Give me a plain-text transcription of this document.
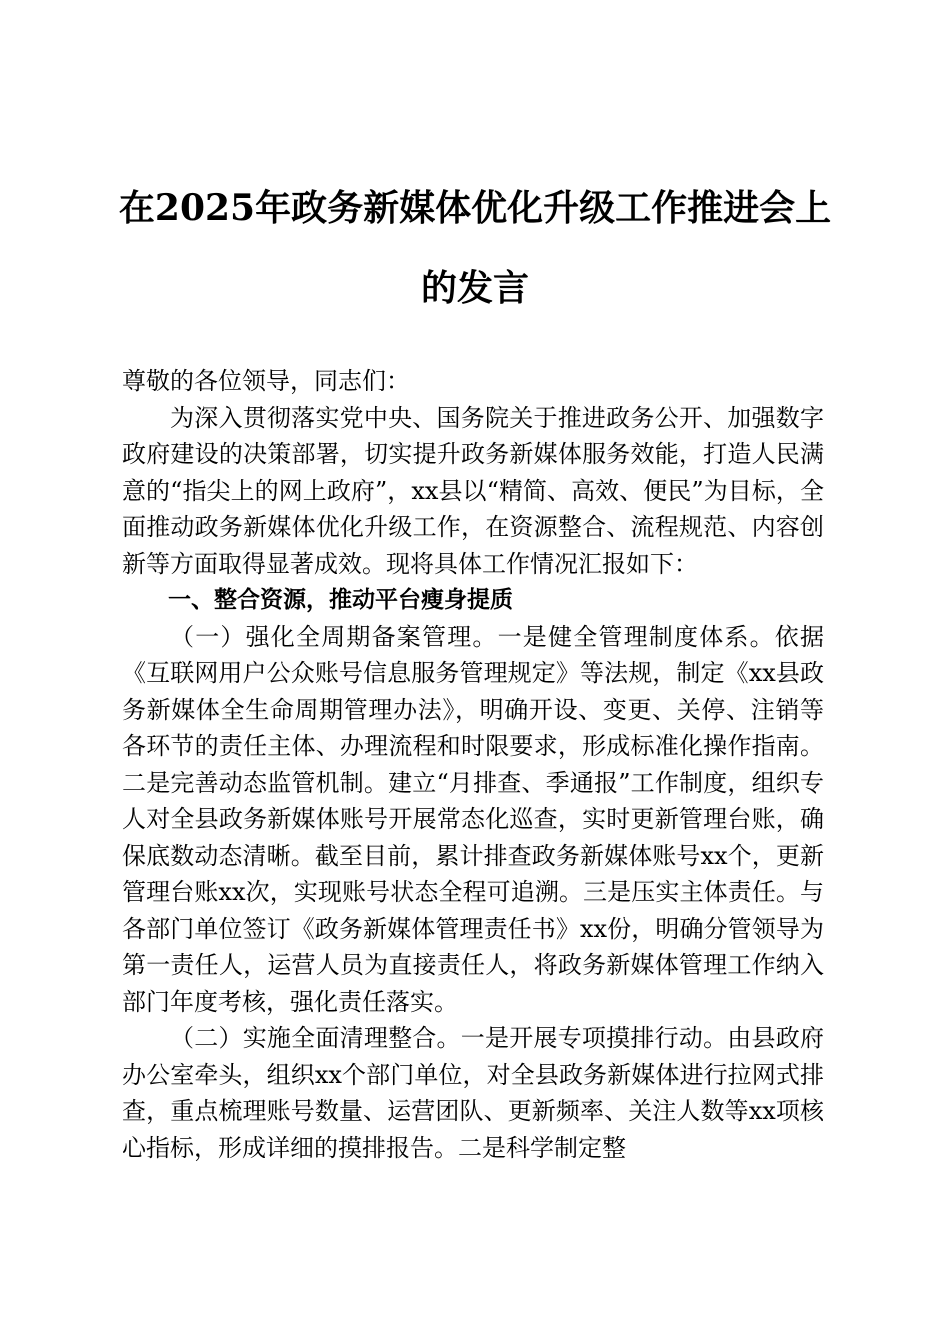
在2025年政务新媒体优化升级工作推进会上的发言

尊敬的各位领导，同志们：

为深入贯彻落实党中央、国务院关于推进政务公开、加强数字政府建设的决策部署，切实提升政务新媒体服务效能，打造人民满意的“指尖上的网上政府”，xx县以“精简、高效、便民”为目标，全面推动政务新媒体优化升级工作，在资源整合、流程规范、内容创新等方面取得显著成效。现将具体工作情况汇报如下：

一、整合资源，推动平台瘦身提质

（一）强化全周期备案管理。一是健全管理制度体系。依据《互联网用户公众账号信息服务管理规定》等法规，制定《xx县政务新媒体全生命周期管理办法》，明确开设、变更、关停、注销等各环节的责任主体、办理流程和时限要求，形成标准化操作指南。二是完善动态监管机制。建立“月排查、季通报”工作制度，组织专人对全县政务新媒体账号开展常态化巡查，实时更新管理台账，确保底数动态清晰。截至目前，累计排查政务新媒体账号xx个，更新管理台账xx次，实现账号状态全程可追溯。三是压实主体责任。与各部门单位签订《政务新媒体管理责任书》xx份，明确分管领导为第一责任人，运营人员为直接责任人，将政务新媒体管理工作纳入部门年度考核，强化责任落实。

（二）实施全面清理整合。一是开展专项摸排行动。由县政府办公室牵头，组织xx个部门单位，对全县政务新媒体进行拉网式排查，重点梳理账号数量、运营团队、更新频率、关注人数等xx项核心指标，形成详细的摸排报告。二是科学制定整
